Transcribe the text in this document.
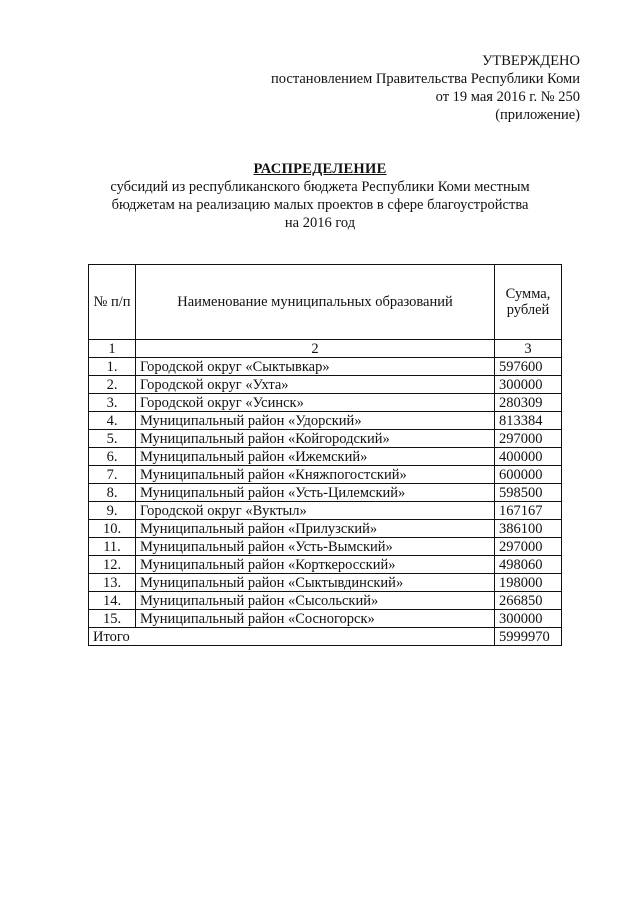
УТВЕРЖДЕНО
постановлением Правительства Республики Коми
от 19 мая 2016 г. № 250
(приложение)
РАСПРЕДЕЛЕНИЕ
субсидий из республиканского бюджета Республики Коми местным
бюджетам на реализацию малых проектов в сфере благоустройства
на 2016 год
№ п/п	Наименование муниципальных образований	Сумма, рублей
1	2	3
1.	Городской округ «Сыктывкар»	597600
2.	Городской округ «Ухта»	300000
3.	Городской округ «Усинск»	280309
4.	Муниципальный район «Удорский»	813384
5.	Муниципальный район «Койгородский»	297000
6.	Муниципальный район «Ижемский»	400000
7.	Муниципальный район «Княжпогостский»	600000
8.	Муниципальный район «Усть-Цилемский»	598500
9.	Городской округ «Вуктыл»	167167
10.	Муниципальный район «Прилузский»	386100
11.	Муниципальный район «Усть-Вымский»	297000
12.	Муниципальный район «Корткеросский»	498060
13.	Муниципальный район «Сыктывдинский»	198000
14.	Муниципальный район «Сысольский»	266850
15.	Муниципальный район «Сосногорск»	300000
Итого		5999970
